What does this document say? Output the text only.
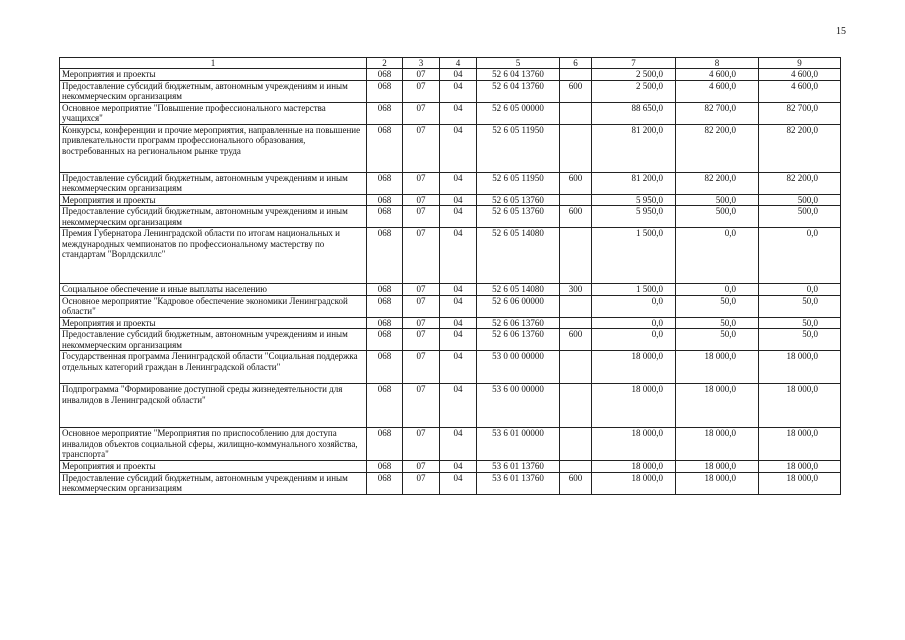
15
1	2	3	4	5	6	7	8	9
Мероприятия и проекты	068	07	04	52 6 04 13760		2 500,0	4 600,0	4 600,0
Предоставление субсидий бюджетным, автономным учреждениям и иным некоммерческим организациям	068	07	04	52 6 04 13760	600	2 500,0	4 600,0	4 600,0
Основное мероприятие "Повышение профессионального мастерства учащихся"	068	07	04	52 6 05 00000		88 650,0	82 700,0	82 700,0
Конкурсы, конференции и прочие мероприятия, направленные на повышение привлекательности программ профессионального образования, востребованных на региональном рынке труда	068	07	04	52 6 05 11950		81 200,0	82 200,0	82 200,0
Предоставление субсидий бюджетным, автономным учреждениям и иным некоммерческим организациям	068	07	04	52 6 05 11950	600	81 200,0	82 200,0	82 200,0
Мероприятия и проекты	068	07	04	52 6 05 13760		5 950,0	500,0	500,0
Предоставление субсидий бюджетным, автономным учреждениям и иным некоммерческим организациям	068	07	04	52 6 05 13760	600	5 950,0	500,0	500,0
Премия Губернатора Ленинградской области по итогам национальных и международных чемпионатов по профессиональному мастерству по стандартам "Ворлдскиллс"	068	07	04	52 6 05 14080		1 500,0	0,0	0,0
Социальное обеспечение и иные выплаты населению	068	07	04	52 6 05 14080	300	1 500,0	0,0	0,0
Основное мероприятие "Кадровое обеспечение экономики Ленинградской области"	068	07	04	52 6 06 00000		0,0	50,0	50,0
Мероприятия и проекты	068	07	04	52 6 06 13760		0,0	50,0	50,0
Предоставление субсидий бюджетным, автономным учреждениям и иным некоммерческим организациям	068	07	04	52 6 06 13760	600	0,0	50,0	50,0
Государственная программа Ленинградской области "Социальная поддержка отдельных категорий граждан в Ленинградской области"	068	07	04	53 0 00 00000		18 000,0	18 000,0	18 000,0
Подпрограмма "Формирование доступной среды жизнедеятельности для инвалидов в Ленинградской области"	068	07	04	53 6 00 00000		18 000,0	18 000,0	18 000,0
Основное мероприятие "Мероприятия по приспособлению для доступа инвалидов объектов социальной сферы, жилищно-коммунального хозяйства, транспорта"	068	07	04	53 6 01 00000		18 000,0	18 000,0	18 000,0
Мероприятия и проекты	068	07	04	53 6 01 13760		18 000,0	18 000,0	18 000,0
Предоставление субсидий бюджетным, автономным учреждениям и иным некоммерческим организациям	068	07	04	53 6 01 13760	600	18 000,0	18 000,0	18 000,0
